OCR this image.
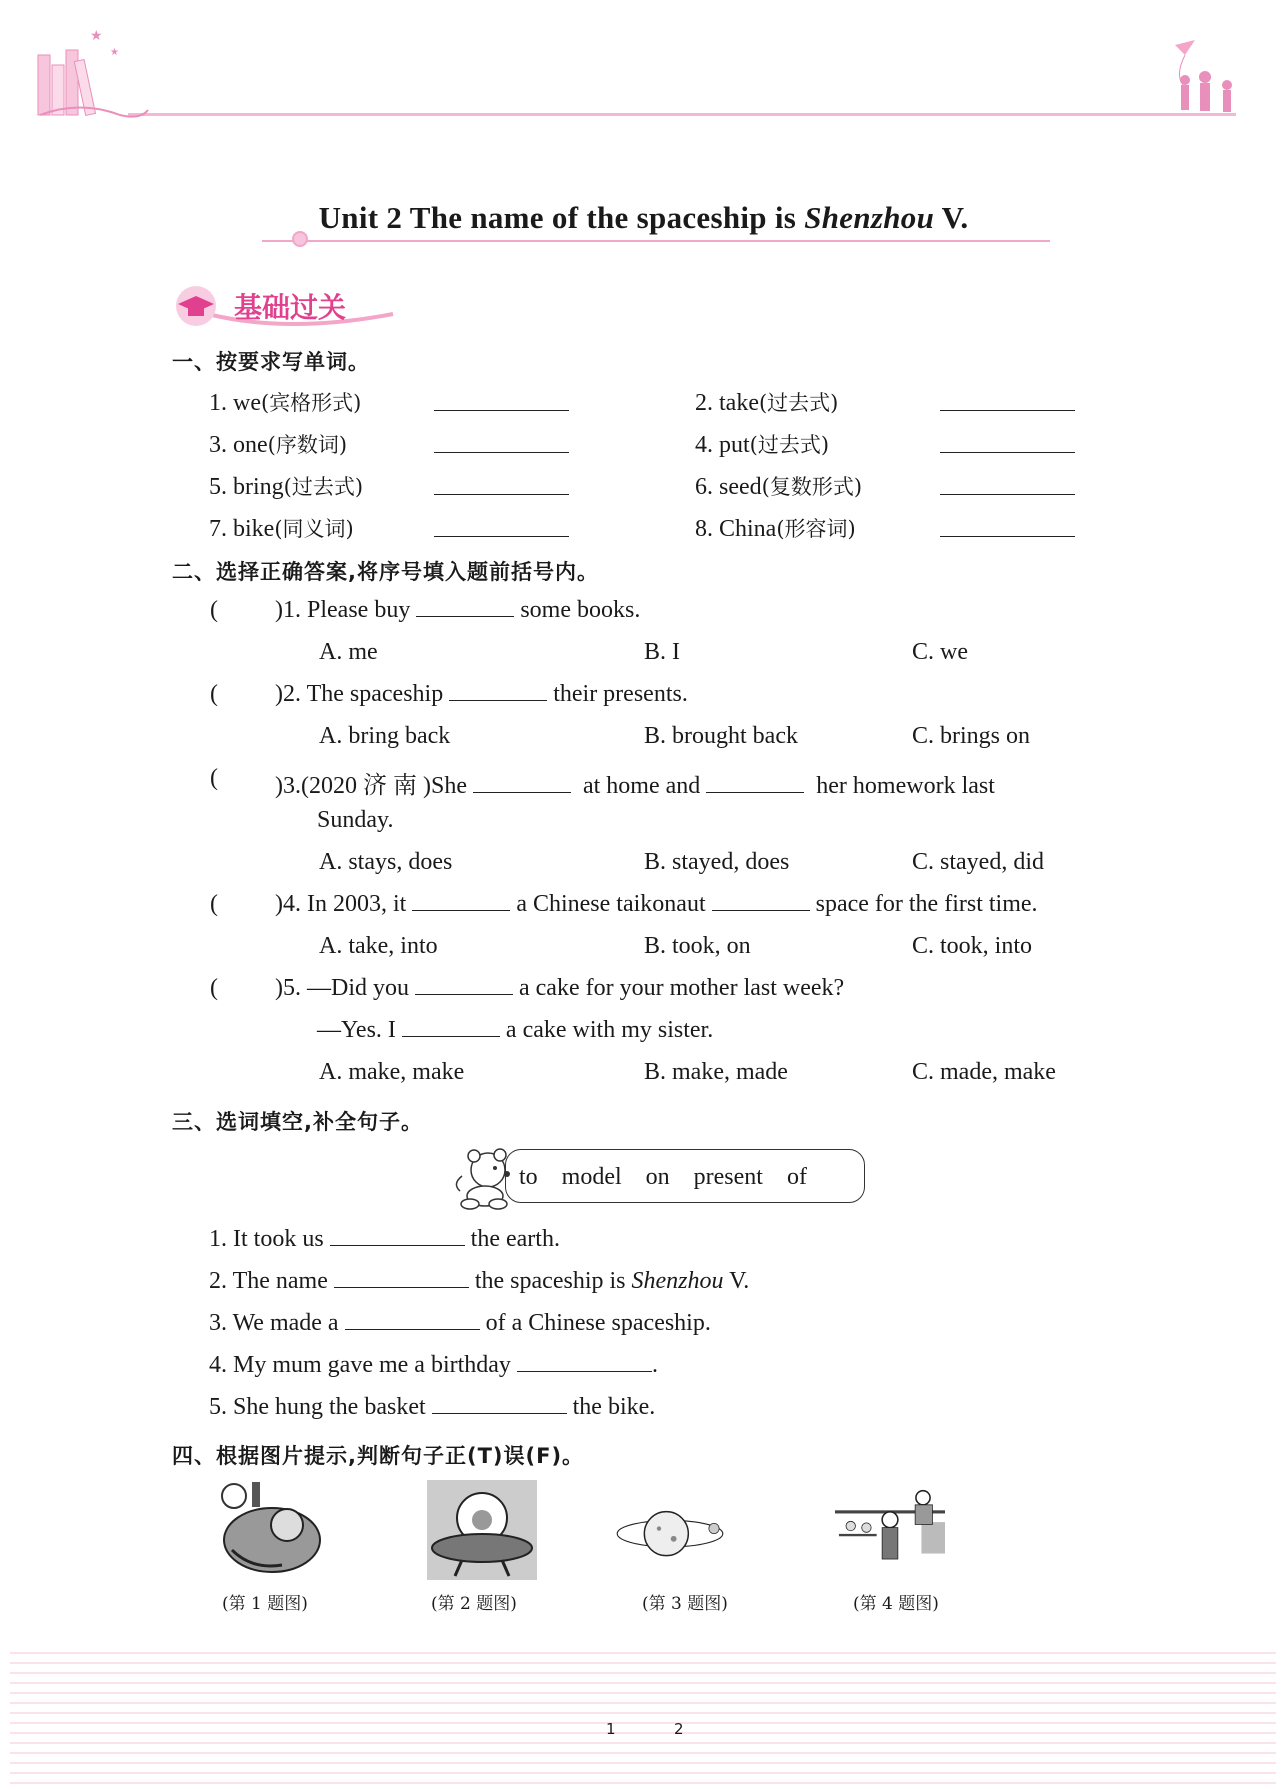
★
★
Unit 2 The name of the spaceship is Shenzhou V.
基础过关
一、按要求写单词。
1. we(宾格形式)	2. take(过去式)
3. one(序数词)	4. put(过去式)
5. bring(过去式)	6. seed(复数形式)
7. bike(同义词)	8. China(形容词)
二、选择正确答案,将序号填入题前括号内。
( )1. Please buy	some books.
A. me	B. I	C. we
( )2. The spaceship	their presents.
A. bring back	B. brought back	C. brings on
( )3.(2020 济 南 )She	at home and	her homework last
Sunday.
A. stays, does	B. stayed, does	C. stayed, did
( )4. In 2003, it	a Chinese taikonaut	space for the first time.
A. take, into	B. took, on	C. took, into
( )5. —Did you	a cake for your mother last week?
—Yes. I	a cake with my sister.
A. make, make	B. make, made	C. made, make
三、选词填空,补全句子。
to model on present of
1. It took us	the earth.
2. The name	the spaceship is Shenzhou V.
3. We made a	of a Chinese spaceship.
4. My mum gave me a birthday	.
5. She hung the basket	the bike.
四、根据图片提示,判断句子正(T)误(F)。
(第 1 题图)	(第 2 题图)	(第 3 题图)	(第 4 题图)
1	2
